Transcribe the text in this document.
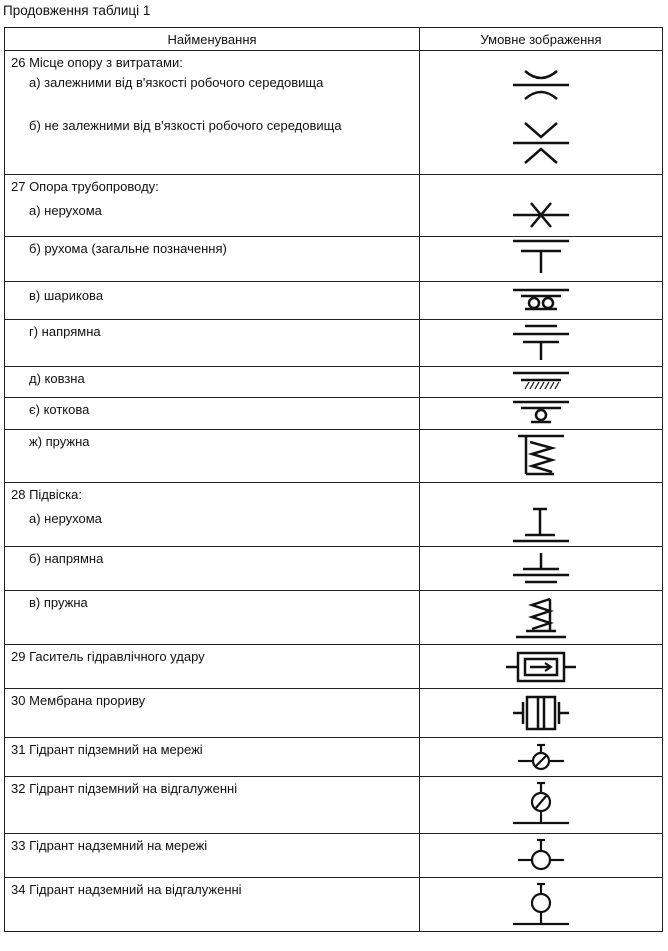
Продовження таблиці 1
Найменування	Умовне зображення

26 Місце опору з витратами:
а) залежними від в'язкості робочого середовища
б) не залежними від в'язкості робочого середовища

27 Опора трубопроводу:
а) нерухома

б) рухома (загальне позначення)

в) шарикова

г) напрямна

д) ковзна

є) коткова

ж) пружна

28 Підвіска:
а) нерухома

б) напрямна

в) пружна

29 Гаситель гідравлічного удару

30 Мембрана прориву

31 Гідрант підземний на мережі

32 Гідрант підземний на відгалуженні

33 Гідрант надземний на мережі

34 Гідрант надземний на відгалуженні
